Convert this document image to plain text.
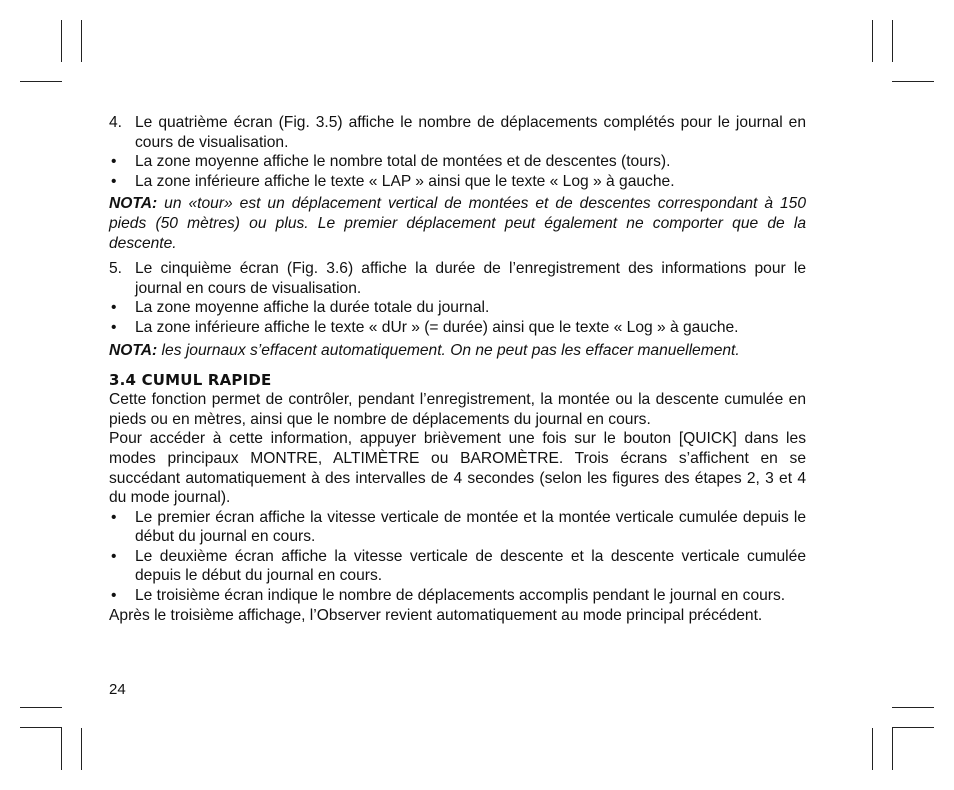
4. Le quatrième écran (Fig. 3.5) affiche le nombre de déplacements complétés pour le journal en cours de visualisation.
•	La zone moyenne affiche le nombre total de montées et de descentes (tours).
•	La zone inférieure affiche le texte « LAP » ainsi que le texte « Log » à gauche.

NOTA: un «tour» est un déplacement vertical de montées et de descentes correspondant à 150 pieds (50 mètres) ou plus. Le premier déplacement peut également ne comporter que de la descente.

5. Le cinquième écran (Fig. 3.6) affiche la durée de l’enregistrement des informations pour le journal en cours de visualisation.
•	La zone moyenne affiche la durée totale du journal.
•	La zone inférieure affiche le texte « dUr » (= durée) ainsi que le texte « Log » à gauche.

NOTA: les journaux s’effacent automatiquement. On ne peut pas les effacer manuellement.

3.4 CUMUL RAPIDE

Cette fonction permet de contrôler, pendant l’enregistrement, la montée ou la descente cumulée en pieds ou en mètres, ainsi que le nombre de déplacements du journal en cours.

Pour accéder à cette information, appuyer brièvement une fois sur le bouton [QUICK] dans les modes principaux MONTRE, ALTIMÈTRE ou BAROMÈTRE. Trois écrans s’affichent en se succédant automatiquement à des intervalles de 4 secondes (selon les figures des étapes 2, 3 et 4 du mode journal).

•	Le premier écran affiche la vitesse verticale de montée et la montée verticale cumulée depuis le début du journal en cours.
•	Le deuxième écran affiche la vitesse verticale de descente et la descente verticale cumulée depuis le début du journal en cours.
•	Le troisième écran indique le nombre de déplacements accomplis pendant le journal en cours.

Après le troisième affichage, l’Observer revient automatiquement au mode principal précédent.

24
